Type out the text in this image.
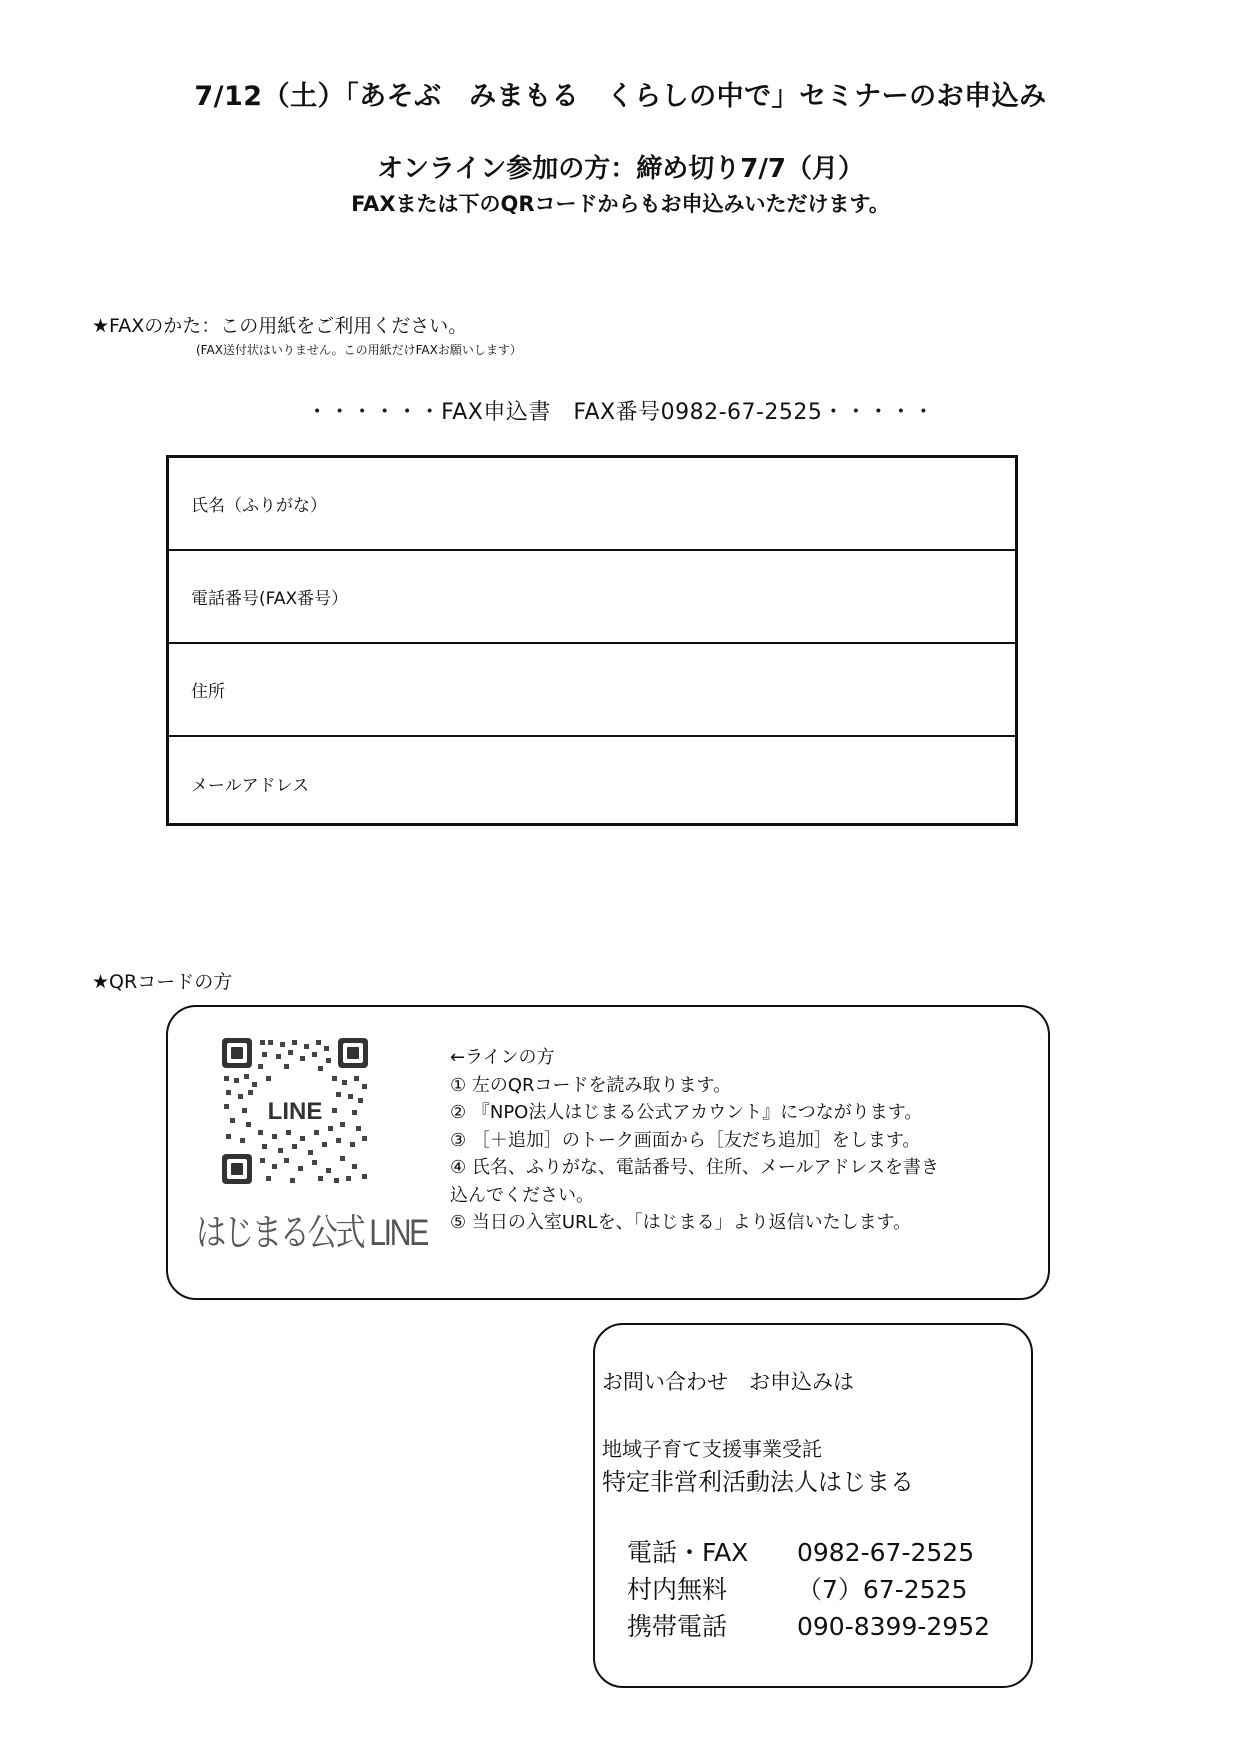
7/12（土）「あそぶ　みまもる　くらしの中で」セミナーのお申込み
オンライン参加の方：締め切り7/7（月）
FAXまたは下のQRコードからもお申込みいただけます。
★FAXのかた：この用紙をご利用ください。
(FAX送付状はいりません。この用紙だけFAXお願いします）
・・・・・・FAX申込書　FAX番号0982-67-2525・・・・・
氏名（ふりがな）
電話番号(FAX番号）
住所
メールアドレス
★QRコードの方
LINE
はじまる公式 LINE
←ラインの方
① 左のQRコードを読み取ります。
② 『NPO法人はじまる公式アカウント』につながります。
③ ［＋追加］のトーク画面から［友だち追加］をします。
④ 氏名、ふりがな、電話番号、住所、メールアドレスを書き
込んでください。
⑤ 当日の入室URLを、「はじまる」より返信いたします。
お問い合わせ　お申込みは
地域子育て支援事業受託
特定非営利活動法人はじまる
電話・FAX 0982-67-2525
村内無料	（7）67-2525
携帯電話	090-8399-2952
